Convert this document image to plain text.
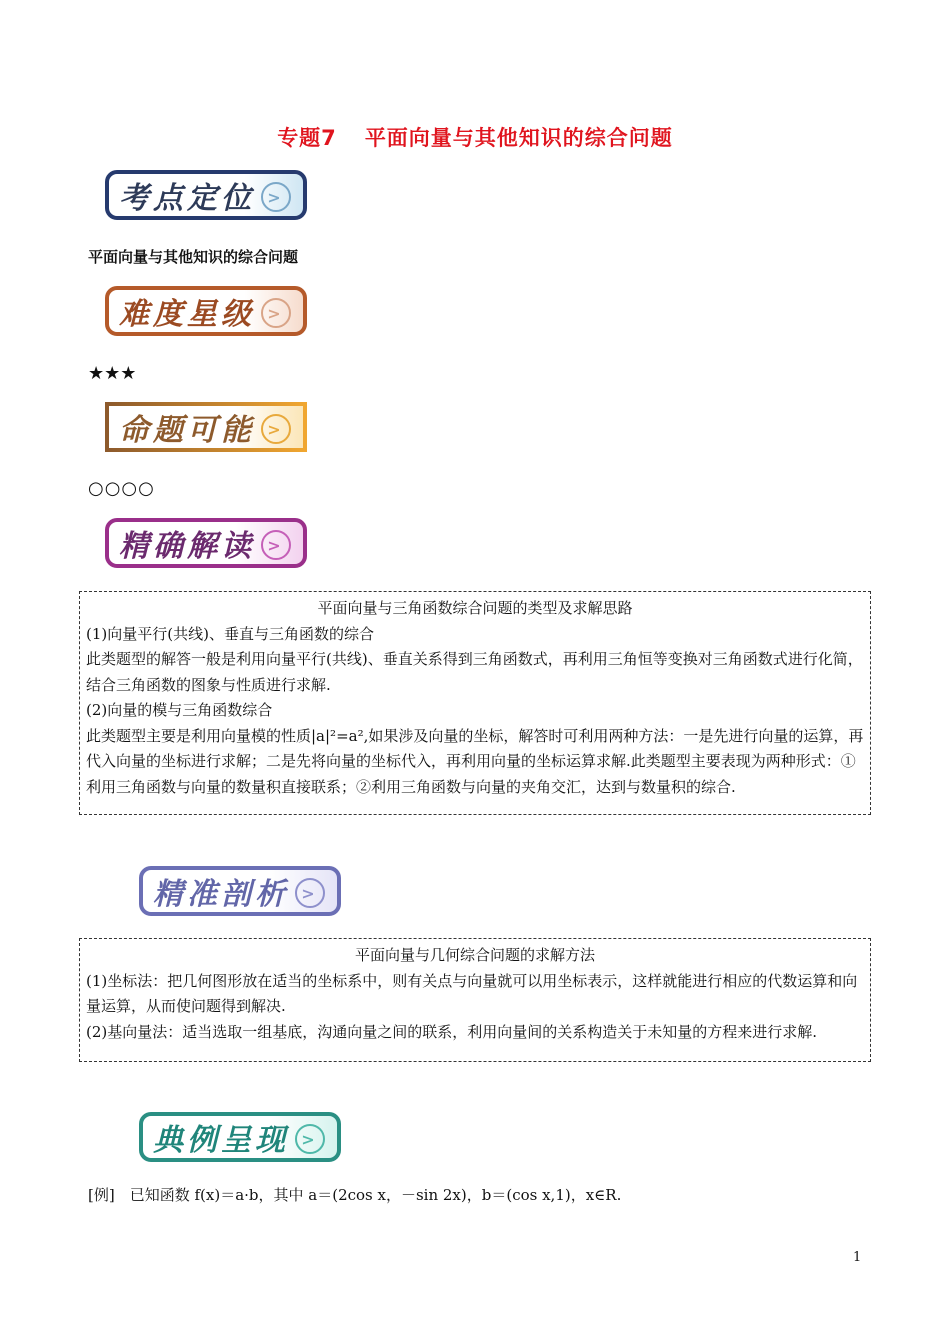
专题7 平面向量与其他知识的综合问题
考点定位 >
平面向量与其他知识的综合问题
难度星级 >
★★★
命题可能 >
○○○○
精确解读 >

平面向量与三角函数综合问题的类型及求解思路

(1)向量平行(共线)、垂直与三角函数的综合

此类题型的解答一般是利用向量平行(共线)、垂直关系得到三角函数式，再利用三角恒等变换对三角函数式进行化简，结合三角函数的图象与性质进行求解.

(2)向量的模与三角函数综合

此类题型主要是利用向量模的性质|a|²=a²,如果涉及向量的坐标，解答时可利用两种方法：一是先进行向量的运算，再代入向量的坐标进行求解；二是先将向量的坐标代入，再利用向量的坐标运算求解.此类题型主要表现为两种形式：①利用三角函数与向量的数量积直接联系；②利用三角函数与向量的夹角交汇，达到与数量积的综合.

精准剖析 >

平面向量与几何综合问题的求解方法

(1)坐标法：把几何图形放在适当的坐标系中，则有关点与向量就可以用坐标表示，这样就能进行相应的代数运算和向量运算，从而使问题得到解决.

(2)基向量法：适当选取一组基底，沟通向量之间的联系，利用向量间的关系构造关于未知量的方程来进行求解.

典例呈现 >
[例]　已知函数 f(x)＝a·b，其中 a＝(2cos x，－sin 2x)，b＝(cos x,1)，x∈R.
1
